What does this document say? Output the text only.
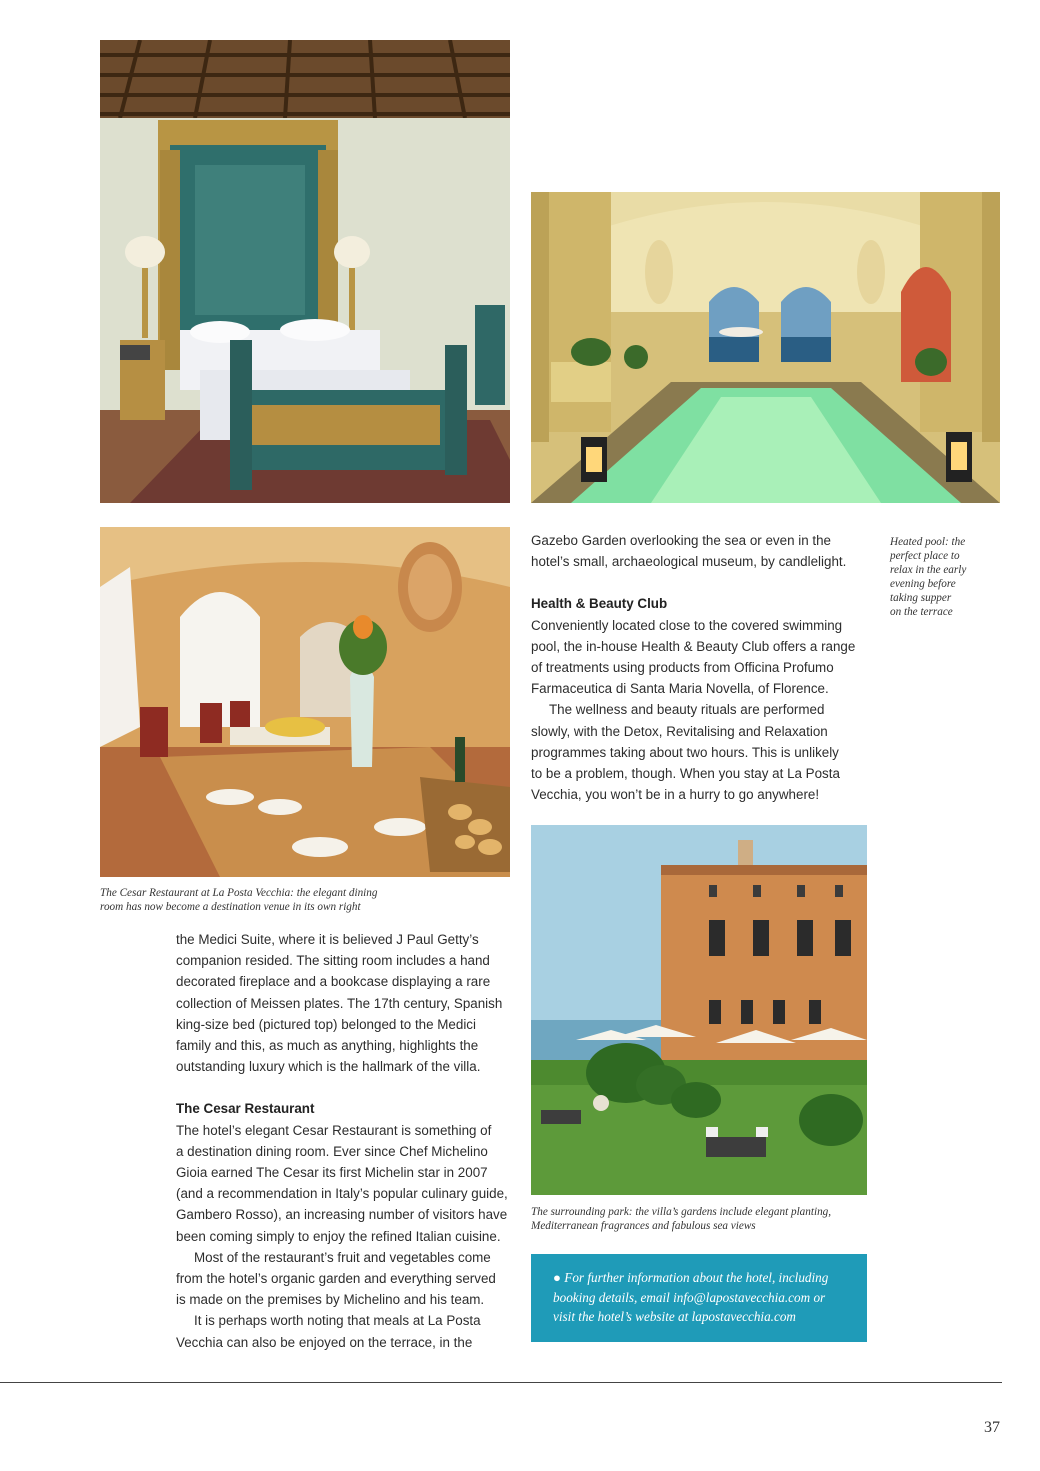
The Cesar Restaurant at La Posta Vecchia: the elegant dining
room has now become a destination venue in its own right
Heated pool: the
perfect place to
relax in the early
evening before
taking supper
on the terrace
The surrounding park: the villa’s gardens include elegant planting,
Mediterranean fragrances and fabulous sea views

the Medici Suite, where it is believed J Paul Getty’s
companion resided. The sitting room includes a hand
decorated fireplace and a bookcase displaying a rare
collection of Meissen plates. The 17th century, Spanish
king-size bed (pictured top) belonged to the Medici
family and this, as much as anything, highlights the
outstanding luxury which is the hallmark of the villa.

The Cesar Restaurant

The hotel’s elegant Cesar Restaurant is something of
a destination dining room. Ever since Chef Michelino
Gioia earned The Cesar its first Michelin star in 2007
(and a recommendation in Italy’s popular culinary guide,
Gambero Rosso), an increasing number of visitors have
been coming simply to enjoy the refined Italian cuisine.

Most of the restaurant’s fruit and vegetables come
from the hotel’s organic garden and everything served
is made on the premises by Michelino and his team.

It is perhaps worth noting that meals at La Posta
Vecchia can also be enjoyed on the terrace, in the

Gazebo Garden overlooking the sea or even in the
hotel’s small, archaeological museum, by candlelight.

Health & Beauty Club

Conveniently located close to the covered swimming
pool, the in-house Health & Beauty Club offers a range
of treatments using products from Officina Profumo
Farmaceutica di Santa Maria Novella, of Florence.

The wellness and beauty rituals are performed
slowly, with the Detox, Revitalising and Relaxation
programmes taking about two hours. This is unlikely
to be a problem, though. When you stay at La Posta
Vecchia, you won’t be in a hurry to go anywhere!

● For further information about the hotel, including

booking details, email info@lapostavecchia.com or

visit the hotel’s website at lapostavecchia.com

37
